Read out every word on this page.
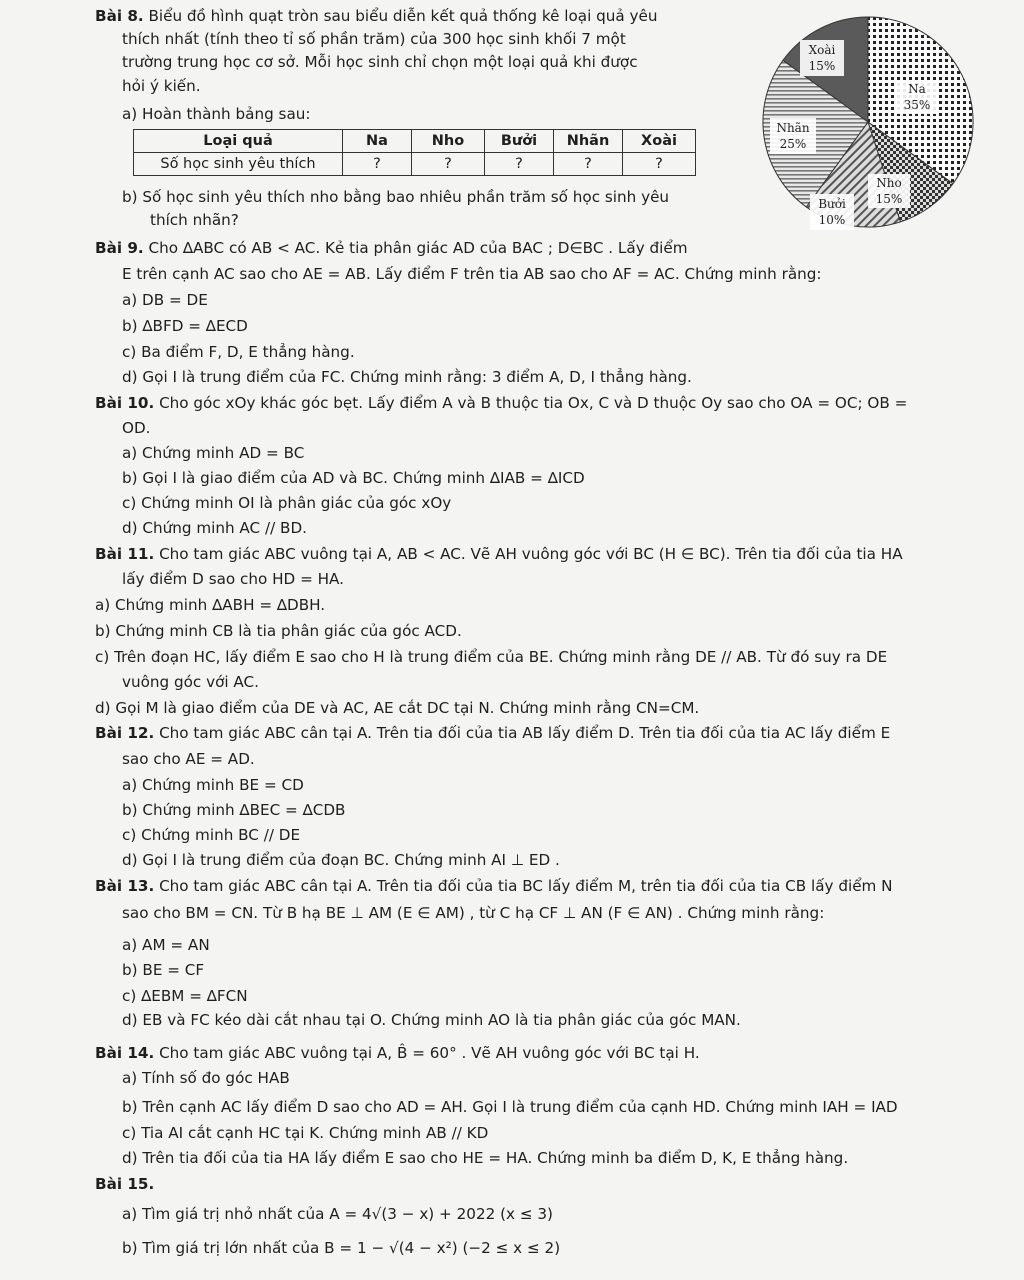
Bài 8. Biểu đồ hình quạt tròn sau biểu diễn kết quả thống kê loại quả yêu
thích nhất (tính theo tỉ số phần trăm) của 300 học sinh khối 7 một
trường trung học cơ sở. Mỗi học sinh chỉ chọn một loại quả khi được
hỏi ý kiến.
a) Hoàn thành bảng sau:
Loại quả	Na	Nho	Bưởi	Nhãn	Xoài
Số học sinh yêu thích	?	?	?	?	?
b) Số học sinh yêu thích nho bằng bao nhiêu phần trăm số học sinh yêu
thích nhãn?
Xoài
15%
Na
35%
Nhãn
25%
Nho
15%
Bưởi
10%
Bài 9. Cho ∆ABC có AB < AC. Kẻ tia phân giác AD của BAC ; D∈BC . Lấy điểm
E trên cạnh AC sao cho AE = AB. Lấy điểm F trên tia AB sao cho AF = AC. Chứng minh rằng:
a) DB = DE
b) ∆BFD = ∆ECD
c) Ba điểm F, D, E thẳng hàng.
d) Gọi I là trung điểm của FC. Chứng minh rằng: 3 điểm A, D, I thẳng hàng.
Bài 10. Cho góc xOy khác góc bẹt. Lấy điểm A và B thuộc tia Ox, C và D thuộc Oy sao cho OA = OC; OB =
OD.
a) Chứng minh AD = BC
b) Gọi I là giao điểm của AD và BC. Chứng minh ∆IAB = ∆ICD
c) Chứng minh OI là phân giác của góc xOy
d) Chứng minh AC // BD.
Bài 11. Cho tam giác ABC vuông tại A, AB < AC. Vẽ AH vuông góc với BC (H ∈ BC). Trên tia đối của tia HA
lấy điểm D sao cho HD = HA.
a) Chứng minh ∆ABH = ∆DBH.
b) Chứng minh CB là tia phân giác của góc ACD.
c) Trên đoạn HC, lấy điểm E sao cho H là trung điểm của BE. Chứng minh rằng DE // AB. Từ đó suy ra DE
vuông góc với AC.
d) Gọi M là giao điểm của DE và AC, AE cắt DC tại N. Chứng minh rằng CN=CM.
Bài 12. Cho tam giác ABC cân tại A. Trên tia đối của tia AB lấy điểm D. Trên tia đối của tia AC lấy điểm E
sao cho AE = AD.
a) Chứng minh BE = CD
b) Chứng minh ∆BEC = ∆CDB
c) Chứng minh BC // DE
d) Gọi I là trung điểm của đoạn BC. Chứng minh AI ⊥ ED .
Bài 13. Cho tam giác ABC cân tại A. Trên tia đối của tia BC lấy điểm M, trên tia đối của tia CB lấy điểm N
sao cho BM = CN. Từ B hạ BE ⊥ AM (E ∈ AM) , từ C hạ CF ⊥ AN (F ∈ AN) . Chứng minh rằng:
a) AM = AN
b) BE = CF
c) ∆EBM = ∆FCN
d) EB và FC kéo dài cắt nhau tại O. Chứng minh AO là tia phân giác của góc MAN.
Bài 14. Cho tam giác ABC vuông tại A, B̂ = 60° . Vẽ AH vuông góc với BC tại H.
a) Tính số đo góc HAB
b) Trên cạnh AC lấy điểm D sao cho AD = AH. Gọi I là trung điểm của cạnh HD. Chứng minh IAH = IAD
c) Tia AI cắt cạnh HC tại K. Chứng minh AB // KD
d) Trên tia đối của tia HA lấy điểm E sao cho HE = HA. Chứng minh ba điểm D, K, E thẳng hàng.
Bài 15.
a) Tìm giá trị nhỏ nhất của A = 4√(3 − x) + 2022 (x ≤ 3)
b) Tìm giá trị lớn nhất của B = 1 − √(4 − x²) (−2 ≤ x ≤ 2)
